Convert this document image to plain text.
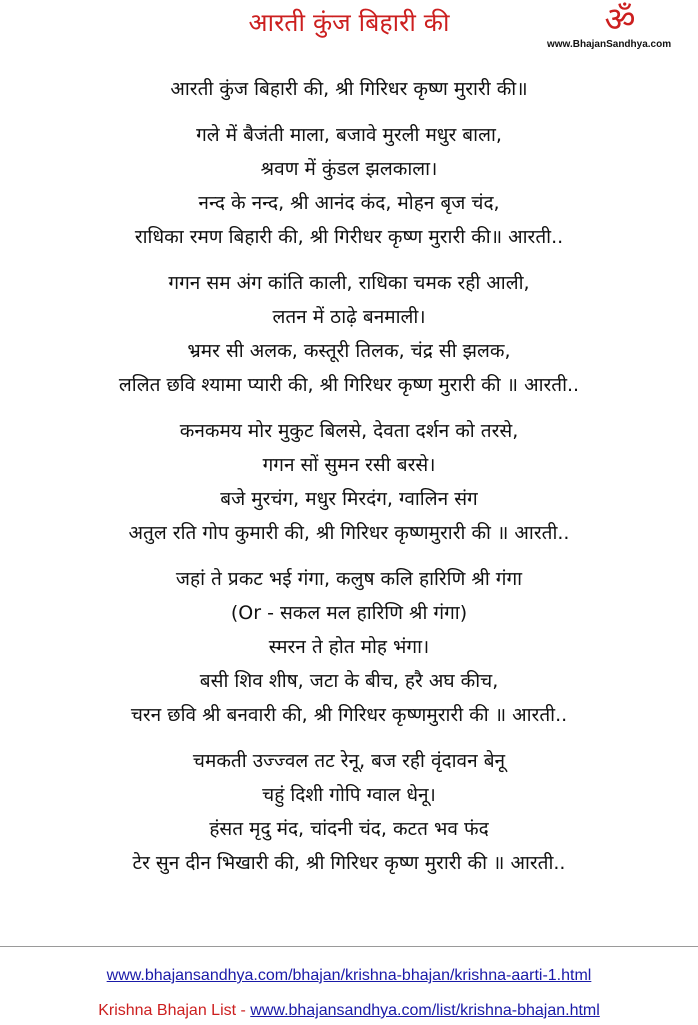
आरती कुंज बिहारी की	ॐ
www.BhajanSandhya.com
आरती कुंज बिहारी की, श्री गिरिधर कृष्ण मुरारी की॥
गले में बैजंती माला, बजावे मुरली मधुर बाला,
श्रवण में कुंडल झलकाला।
नन्द के नन्द, श्री आनंद कंद, मोहन बृज चंद,
राधिका रमण बिहारी की, श्री गिरीधर कृष्ण मुरारी की॥ आरती..
गगन सम अंग कांति काली, राधिका चमक रही आली,
लतन में ठाढ़े बनमाली।
भ्रमर सी अलक, कस्तूरी तिलक, चंद्र सी झलक,
ललित छवि श्यामा प्यारी की, श्री गिरिधर कृष्ण मुरारी की ॥ आरती..
कनकमय मोर मुकुट बिलसे, देवता दर्शन को तरसे,
गगन सों सुमन रसी बरसे।
बजे मुरचंग, मधुर मिरदंग, ग्वालिन संग
अतुल रति गोप कुमारी की, श्री गिरिधर कृष्णमुरारी की ॥ आरती..
जहां ते प्रकट भई गंगा, कलुष कलि हारिणि श्री गंगा
(Or - सकल मल हारिणि श्री गंगा)
स्मरन ते होत मोह भंगा।
बसी शिव शीष, जटा के बीच, हरै अघ कीच,
चरन छवि श्री बनवारी की, श्री गिरिधर कृष्णमुरारी की ॥ आरती..
चमकती उज्ज्वल तट रेनू, बज रही वृंदावन बेनू
चहुं दिशी गोपि ग्वाल धेनू।
हंसत मृदु मंद, चांदनी चंद, कटत भव फंद
टेर सुन दीन भिखारी की, श्री गिरिधर कृष्ण मुरारी की ॥ आरती..
www.bhajansandhya.com/bhajan/krishna-bhajan/krishna-aarti-1.html
Krishna Bhajan List - www.bhajansandhya.com/list/krishna-bhajan.html
